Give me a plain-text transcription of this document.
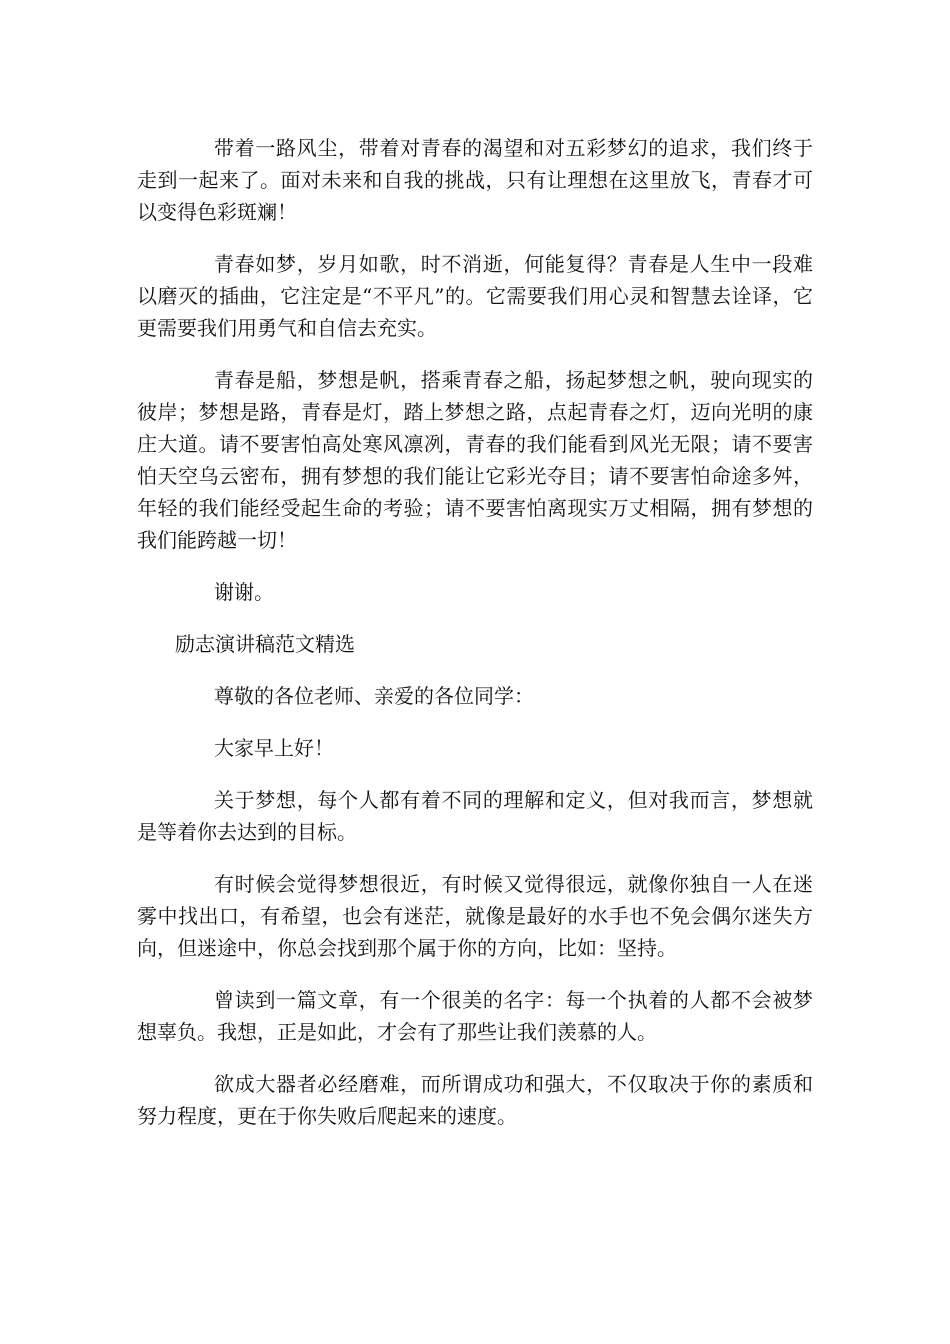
带着一路风尘，带着对青春的渴望和对五彩梦幻的追求，我们终于走到一起来了。面对未来和自我的挑战，只有让理想在这里放飞，青春才可以变得色彩斑斓！

青春如梦，岁月如歌，时不消逝，何能复得？青春是人生中一段难以磨灭的插曲，它注定是“不平凡”的。它需要我们用心灵和智慧去诠译，它更需要我们用勇气和自信去充实。

青春是船，梦想是帆，搭乘青春之船，扬起梦想之帆，驶向现实的彼岸；梦想是路，青春是灯，踏上梦想之路，点起青春之灯，迈向光明的康庄大道。请不要害怕高处寒风凛冽，青春的我们能看到风光无限；请不要害怕天空乌云密布，拥有梦想的我们能让它彩光夺目；请不要害怕命途多舛，年轻的我们能经受起生命的考验；请不要害怕离现实万丈相隔，拥有梦想的我们能跨越一切！

谢谢。

励志演讲稿范文精选

尊敬的各位老师、亲爱的各位同学：

大家早上好！

关于梦想，每个人都有着不同的理解和定义，但对我而言，梦想就是等着你去达到的目标。

有时候会觉得梦想很近，有时候又觉得很远，就像你独自一人在迷雾中找出口，有希望，也会有迷茫，就像是最好的水手也不免会偶尔迷失方向，但迷途中，你总会找到那个属于你的方向，比如：坚持。

曾读到一篇文章，有一个很美的名字：每一个执着的人都不会被梦想辜负。我想，正是如此，才会有了那些让我们羡慕的人。

欲成大器者必经磨难，而所谓成功和强大，不仅取决于你的素质和努力程度，更在于你失败后爬起来的速度。
